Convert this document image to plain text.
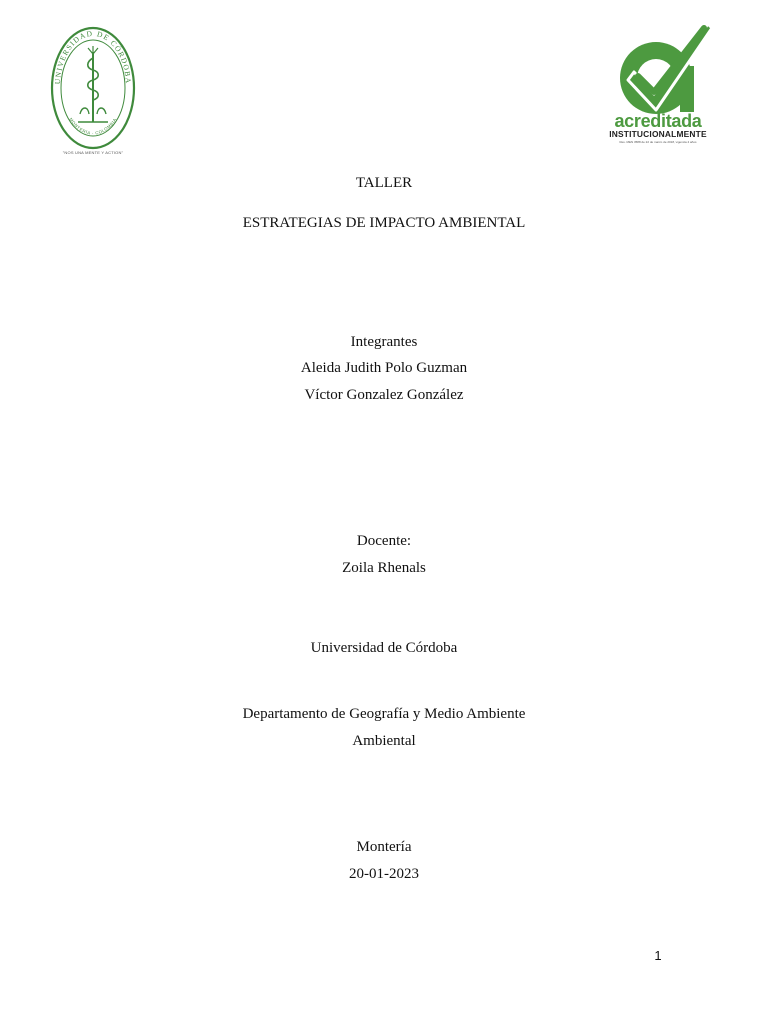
UNIVERSIDAD DE CÓRDOBA
MONTERÍA - COLOMBIA
"NOS UNA MENTE Y ACTION"
acreditada
INSTITUCIONALMENTE
Res. MEN 3588 de 22 de marzo de 2018, vigencia 4 años
TALLER
ESTRATEGIAS DE IMPACTO AMBIENTAL
Integrantes
Aleida Judith Polo Guzman
Víctor Gonzalez González
Docente:
Zoila Rhenals
Universidad de Córdoba
Departamento de Geografía y Medio Ambiente
Ambiental
Montería
20-01-2023
1
